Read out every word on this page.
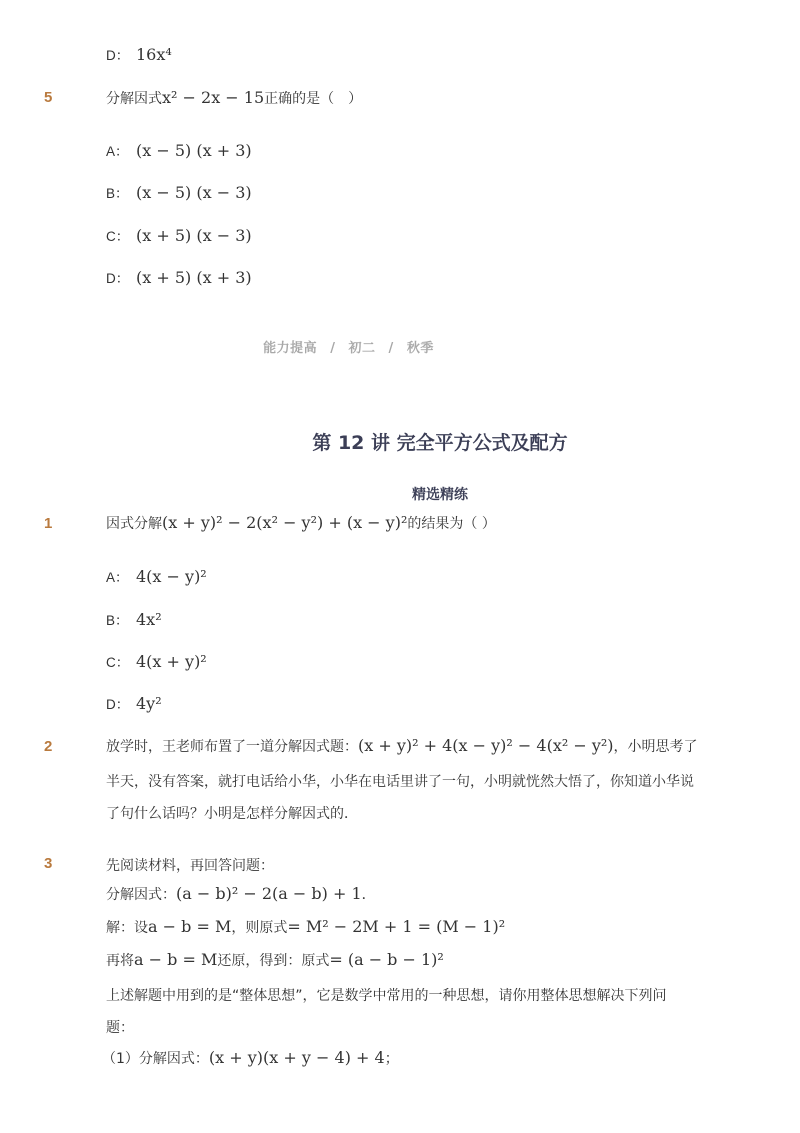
D： 16x⁴
5	分解因式x² − 2x − 15正确的是（　）
A： (x − 5) (x + 3)
B： (x − 5) (x − 3)
C： (x + 5) (x − 3)
D： (x + 5) (x + 3)
能力提高 / 初二 / 秋季
第 12 讲 完全平方公式及配方
精选精练
1	因式分解(x + y)² − 2(x² − y²) + (x − y)²的结果为（ ）
A： 4(x − y)²
B： 4x²
C： 4(x + y)²
D： 4y²
2	放学时，王老师布置了一道分解因式题：(x + y)² + 4(x − y)² − 4(x² − y²)，小明思考了
半天，没有答案，就打电话给小华，小华在电话里讲了一句，小明就恍然大悟了，你知道小华说
了句什么话吗？小明是怎样分解因式的．
3	先阅读材料，再回答问题：
分解因式：(a − b)² − 2(a − b) + 1．
解：设a − b = M，则原式= M² − 2M + 1 = (M − 1)²
再将a − b = M还原，得到：原式= (a − b − 1)²
上述解题中用到的是“整体思想”，它是数学中常用的一种思想，请你用整体思想解决下列问
题：
（1）分解因式：(x + y)(x + y − 4) + 4；
